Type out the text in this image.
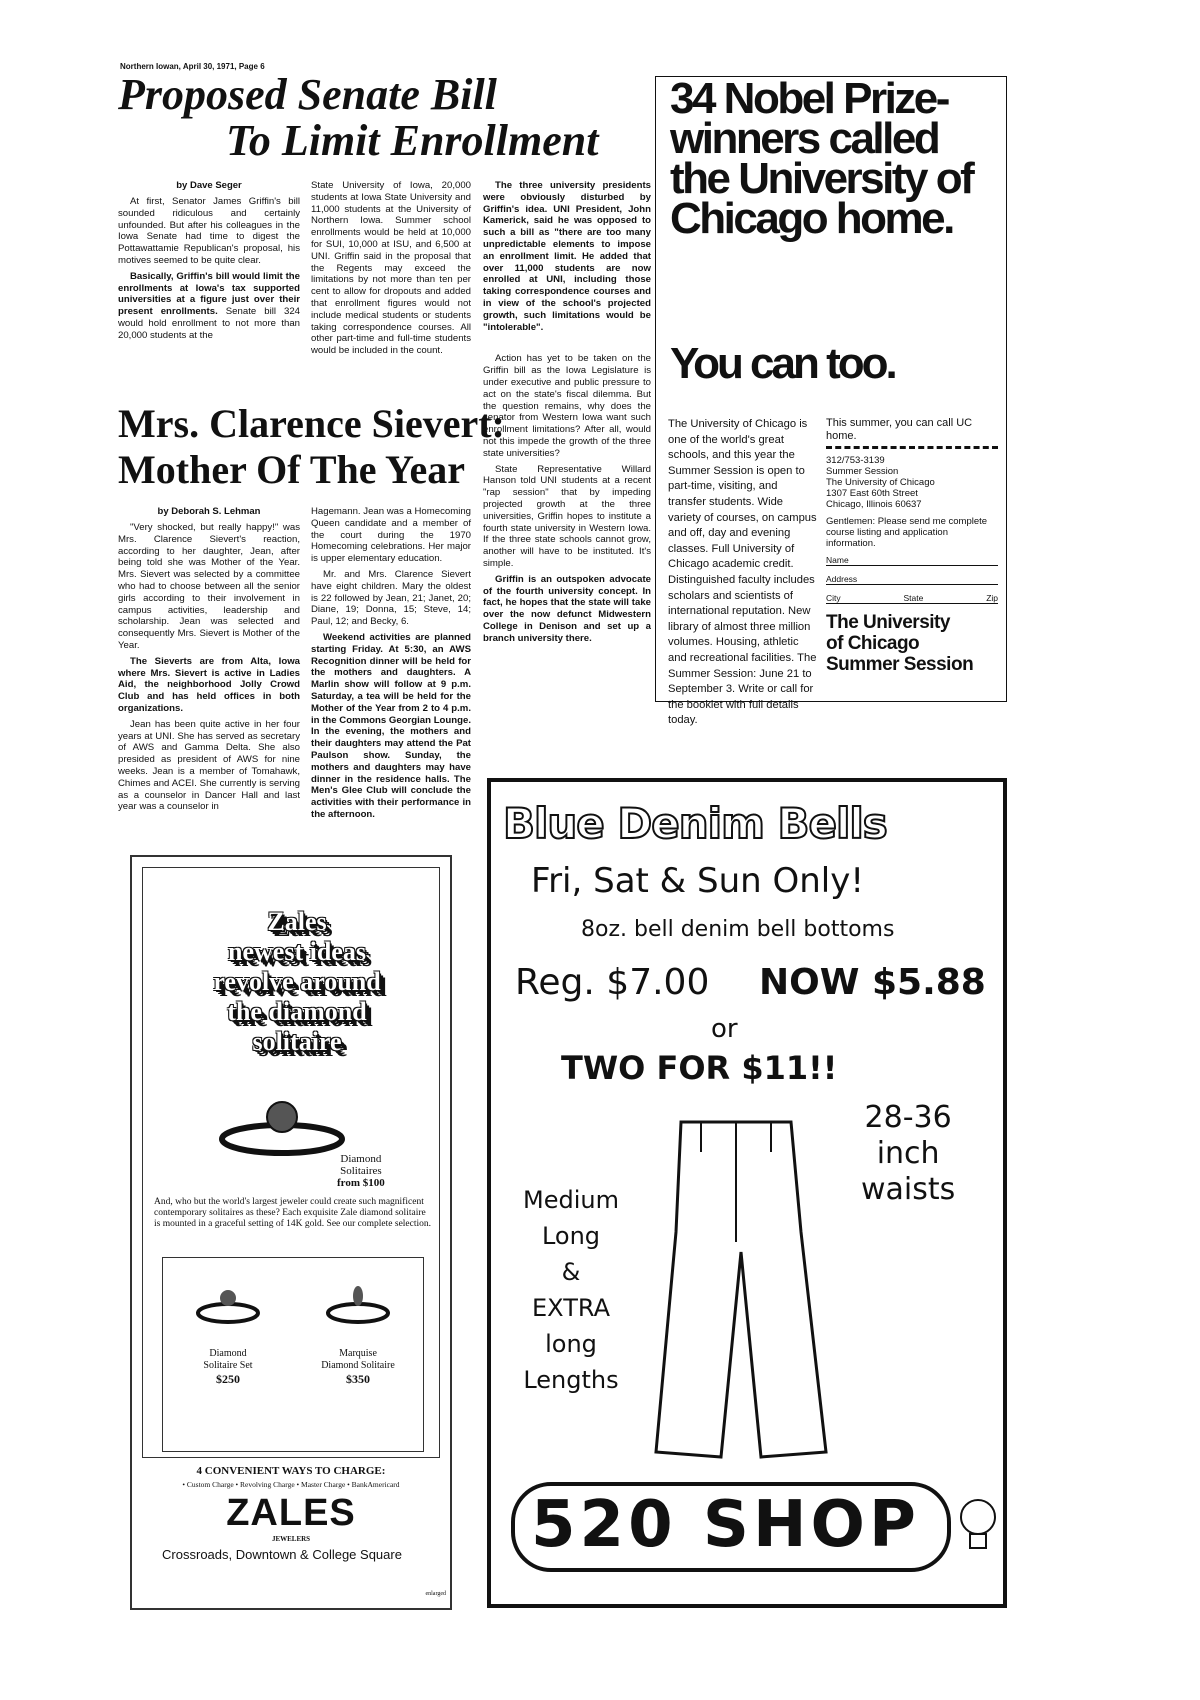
Northern Iowan, April 30, 1971, Page 6
Proposed Senate Bill
To Limit Enrollment
by Dave Seger

At first, Senator James Griffin's bill sounded ridiculous and certainly unfounded. But after his colleagues in the Iowa Senate had time to digest the Pottawattamie Republican's proposal, his motives seemed to be quite clear.

Basically, Griffin's bill would limit the enrollments at Iowa's tax supported universities at a figure just over their present enrollments. Senate bill 324 would hold enrollment to not more than 20,000 students at the

State University of Iowa, 20,000 students at Iowa State University and 11,000 students at the University of Northern Iowa. Summer school enrollments would be held at 10,000 for SUI, 10,000 at ISU, and 6,500 at UNI. Griffin said in the proposal that the Regents may exceed the limitations by not more than ten per cent to allow for dropouts and added that enrollment figures would not include medical students or students taking correspondence courses. All other part-time and full-time students would be included in the count.

The three university presidents were obviously disturbed by Griffin's idea. UNI President, John Kamerick, said he was opposed to such a bill as "there are too many unpredictable elements to impose an enrollment limit. He added that over 11,000 students are now enrolled at UNI, including those taking correspondence courses and in view of the school's projected growth, such limitations would be "intolerable".

Action has yet to be taken on the Griffin bill as the Iowa Legislature is under executive and public pressure to act on the state's fiscal dilemma. But the question remains, why does the senator from Western Iowa want such enrollment limitations? After all, would not this impede the growth of the three state universities?

State Representative Willard Hanson told UNI students at a recent "rap session" that by impeding projected growth at the three universities, Griffin hopes to institute a fourth state university in Western Iowa. If the three state schools cannot grow, another will have to be instituted. It's simple.

Griffin is an outspoken advocate of the fourth university concept. In fact, he hopes that the state will take over the now defunct Midwestern College in Denison and set up a branch university there.

Mrs. Clarence Sievert:
Mother Of The Year
by Deborah S. Lehman

"Very shocked, but really happy!" was Mrs. Clarence Sievert's reaction, according to her daughter, Jean, after being told she was Mother of the Year. Mrs. Sievert was selected by a committee who had to choose between all the senior girls according to their involvement in campus activities, leadership and scholarship. Jean was selected and consequently Mrs. Sievert is Mother of the Year.

The Sieverts are from Alta, Iowa where Mrs. Sievert is active in Ladies Aid, the neighborhood Jolly Crowd Club and has held offices in both organizations.

Jean has been quite active in her four years at UNI. She has served as secretary of AWS and Gamma Delta. She also presided as president of AWS for nine weeks. Jean is a member of Tomahawk, Chimes and ACEI. She currently is serving as a counselor in Dancer Hall and last year was a counselor in

Hagemann. Jean was a Homecoming Queen candidate and a member of the court during the 1970 Homecoming celebrations. Her major is upper elementary education.

Mr. and Mrs. Clarence Sievert have eight children. Mary the oldest is 22 followed by Jean, 21; Janet, 20; Diane, 19; Donna, 15; Steve, 14; Paul, 12; and Becky, 6.

Weekend activities are planned starting Friday. At 5:30, an AWS Recognition dinner will be held for the mothers and daughters. A Marlin show will follow at 9 p.m. Saturday, a tea will be held for the Mother of the Year from 2 to 4 p.m. in the Commons Georgian Lounge. In the evening, the mothers and their daughters may attend the Pat Paulson show. Sunday, the mothers and daughters may have dinner in the residence halls. The Men's Glee Club will conclude the activities with their performance in the afternoon.

34 Nobel Prize-winners called the University of Chicago home.
You can too.
The University of Chicago is one of the world's great schools, and this year the Summer Session is open to part-time, visiting, and transfer students. Wide variety of courses, on campus and off, day and evening classes. Full University of Chicago academic credit. Distinguished faculty includes scholars and scientists of international reputation. New library of almost three million volumes. Housing, athletic and recreational facilities. The Summer Session: June 21 to September 3. Write or call for the booklet with full details today.
This summer, you can call UC home.
312/753-3139
Summer Session
The University of Chicago
1307 East 60th Street
Chicago, Illinois 60637
Gentlemen: Please send me complete course listing and application information.
Name
Address
City	State	Zip
The University
of Chicago
Summer Session
Zales
newest ideas
revolve around
the diamond
solitaire
Diamond
Solitaires
from $100
And, who but the world's largest jeweler could create such magnificent contemporary solitaires as these? Each exquisite Zale diamond solitaire is mounted in a graceful setting of 14K gold. See our complete selection.
Diamond
Solitaire Set
$250
Marquise
Diamond Solitaire
$350
4 CONVENIENT WAYS TO CHARGE:
• Custom Charge • Revolving Charge • Master Charge • BankAmericard
ZALES
JEWELERS
Crossroads, Downtown & College Square
enlarged
Blue Denim Bells
Fri, Sat & Sun Only!
8oz. bell denim bell bottoms
Reg. $7.00 NOW $5.88
or
TWO FOR $11!!
28-36
inch
waists
Medium
Long
&
EXTRA
long
Lengths
520 SHOP
